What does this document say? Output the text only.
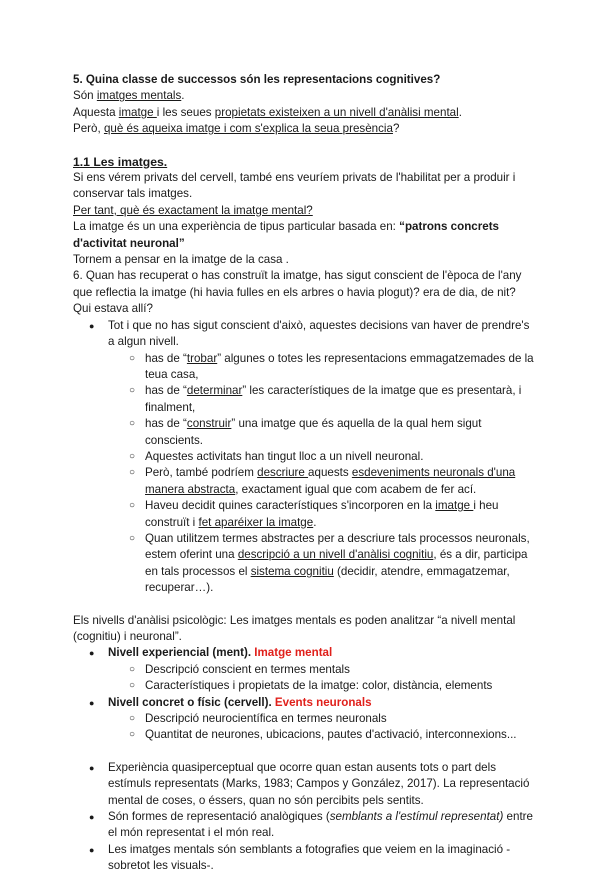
5. Quina classe de successos són les representacions cognitives?

Són imatges mentals.

Aquesta imatge i les seues propietats existeixen a un nivell d'anàlisi mental.

Però, què és aqueixa imatge i com s'explica la seua presència?

1.1 Les imatges.

Si ens vérem privats del cervell, també ens veuríem privats de l'habilitat per a produir i conservar tals imatges.

Per tant, què és exactament la imatge mental?

La imatge és un una experiència de tipus particular basada en: “patrons concrets d'activitat neuronal”

Tornem a pensar en la imatge de la casa .

6. Quan has recuperat o has construït la imatge, has sigut conscient de l'època de l'any que reflectia la imatge (hi havia fulles en els arbres o havia plogut)? era de dia, de nit? Qui estava allí?

● Tot i que no has sigut conscient d'això, aquestes decisions van haver de prendre's a algun nivell.
○ has de “trobar” algunes o totes les representacions emmagatzemades de la teua casa,
○ has de “determinar” les característiques de la imatge que es presentarà, i finalment,
○ has de “construir” una imatge que és aquella de la qual hem sigut conscients.
○ Aquestes activitats han tingut lloc a un nivell neuronal.
○ Però, també podríem descriure aquests esdeveniments neuronals d'una manera abstracta, exactament igual que com acabem de fer ací.
○ Haveu decidit quines característiques s'incorporen en la imatge i heu construït i fet aparéixer la imatge.
○ Quan utilitzem termes abstractes per a descriure tals processos neuronals, estem oferint una descripció a un nivell d'anàlisi cognitiu, és a dir, participa en tals processos el sistema cognitiu (decidir, atendre, emmagatzemar, recuperar…).

Els nivells d'anàlisi psicològic: Les imatges mentals es poden analitzar “a nivell mental (cognitiu) i neuronal”.

● Nivell experiencial (ment). Imatge mental
○ Descripció conscient en termes mentals
○ Característiques i propietats de la imatge: color, distància, elements
● Nivell concret o físic (cervell). Events neuronals
○ Descripció neurocientífica en termes neuronals
○ Quantitat de neurones, ubicacions, pautes d'activació, interconnexions...
● Experiència quasiperceptual que ocorre quan estan ausents tots o part dels estímuls representats (Marks, 1983; Campos y González, 2017). La representació mental de coses, o éssers, quan no són percibits pels sentits.
● Són formes de representació analògiques (semblants a l'estímul representat) entre el món representat i el món real.
● Les imatges mentals són semblants a fotografies que veiem en la imaginació -sobretot les visuals-.
